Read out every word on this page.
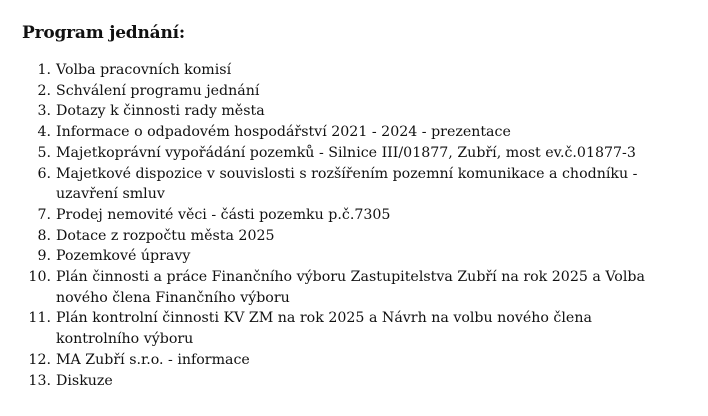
Program jednání:
1. Volba pracovních komisí
2. Schválení programu jednání
3. Dotazy k činnosti rady města
4. Informace o odpadovém hospodářství 2021 - 2024 - prezentace
5. Majetkoprávní vypořádání pozemků - Silnice III/01877, Zubří, most ev.č.01877-3
6. Majetkové dispozice v souvislosti s rozšířením pozemní komunikace a chodníku - uzavření smluv
7. Prodej nemovité věci - části pozemku p.č.7305
8. Dotace z rozpočtu města 2025
9. Pozemkové úpravy
10. Plán činnosti a práce Finančního výboru Zastupitelstva Zubří na rok 2025 a Volba nového člena Finančního výboru
11. Plán kontrolní činnosti KV ZM na rok 2025 a Návrh na volbu nového člena kontrolního výboru
12. MA Zubří s.r.o. - informace
13. Diskuze
